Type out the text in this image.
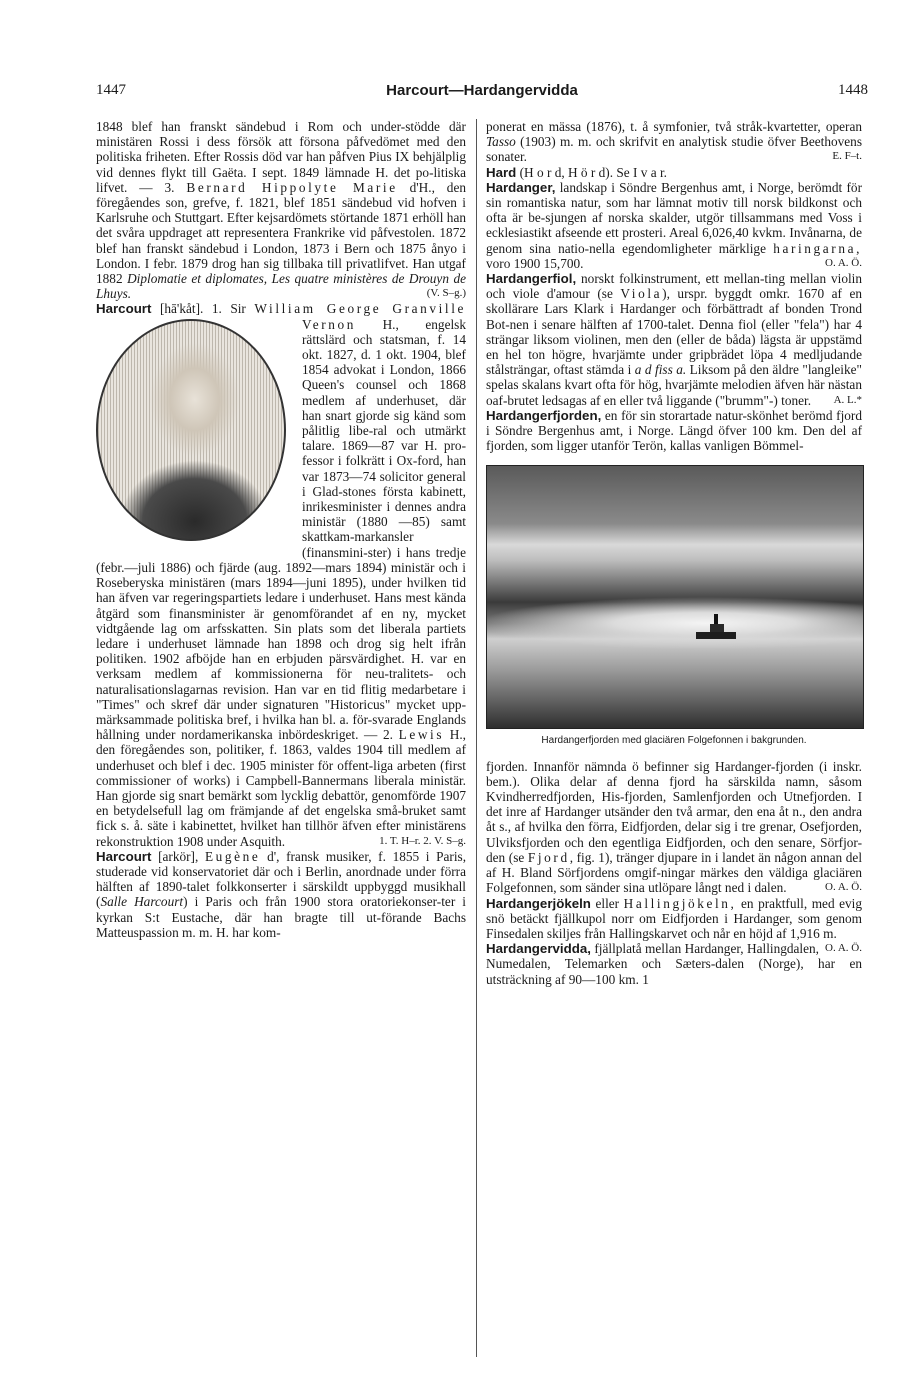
1447	Harcourt—Hardangervidda	1448

1848 blef han franskt sändebud i Rom och under-stödde där ministären Rossi i dess försök att försona påfvedömet med den politiska friheten. Efter Rossis död var han påfven Pius IX behjälplig vid dennes flykt till Gaëta. I sept. 1849 lämnade H. det po-litiska lifvet. — 3. Bernard Hippolyte Marie d'H., den föregåendes son, grefve, f. 1821, blef 1851 sändebud vid hofven i Karlsruhe och Stuttgart. Efter kejsardömets störtande 1871 erhöll han det svåra uppdraget att representera Frankrike vid påfvestolen. 1872 blef han franskt sändebud i London, 1873 i Bern och 1875 ånyo i London. I febr. 1879 drog han sig tillbaka till privatlifvet. Han utgaf 1882 Diplomatie et diplomates, Les quatre ministères de Drouyn de Lhuys.	(V. S–g.)

Harcourt [hā'kåt]. 1. Sir William George Granville Vernon H., engelsk rättslärd och statsman, f. 14 okt. 1827, d. 1 okt. 1904, blef 1854 advokat i London, 1866 Queen's counsel och 1868 medlem af underhuset, där han snart gjorde sig känd som pålitlig libe-ral och utmärkt talare. 1869—87 var H. pro-fessor i folkrätt i Ox-ford, han var 1873—74 solicitor general i Glad-stones första kabinett, inrikesminister i dennes andra ministär (1880 —85) samt skattkam-markansler (finansmini-ster) i hans tredje (febr.—juli 1886) och fjärde (aug. 1892—mars 1894) ministär och i Roseberyska ministären (mars 1894—juni 1895), under hvilken tid han äfven var regeringspartiets ledare i underhuset. Hans mest kända åtgärd som finansminister är genomförandet af en ny, mycket vidtgående lag om arfsskatten. Sin plats som det liberala partiets ledare i underhuset lämnade han 1898 och drog sig helt ifrån politiken. 1902 afböjde han en erbjuden pärsvärdighet. H. var en verksam medlem af kommissionerna för neu-tralitets- och naturalisationslagarnas revision. Han var en tid flitig medarbetare i "Times" och skref där under signaturen "Historicus" mycket upp-märksammade politiska bref, i hvilka han bl. a. för-svarade Englands hållning under nordamerikanska inbördeskriget. — 2. Lewis H., den föregåendes son, politiker, f. 1863, valdes 1904 till medlem af underhuset och blef i dec. 1905 minister för offent-liga arbeten (first commissioner of works) i Campbell-Bannermans liberala ministär. Han gjorde sig snart bemärkt som lycklig debattör, genomförde 1907 en betydelsefull lag om främjande af det engelska små-bruket samt fick s. å. säte i kabinettet, hvilket han tillhör äfven efter ministärens rekonstruktion 1908 under Asquith.	1. T. H–r. 2. V. S–g.

Harcourt [arkör], Eugène d', fransk musiker, f. 1855 i Paris, studerade vid konservatoriet där och i Berlin, anordnade under förra hälften af 1890-talet folkkonserter i särskildt uppbyggd musikhall (Salle Harcourt) i Paris och från 1900 stora oratoriekonser-ter i kyrkan S:t Eustache, där han bragte till ut-förande Bachs Matteuspassion m. m. H. har kom-

ponerat en mässa (1876), t. å symfonier, två stråk-kvartetter, operan Tasso (1903) m. m. och skrifvit en analytisk studie öfver Beethovens sonater.	E. F–t.

Hard (H o r d, H ö r d). Se I v a r.

Hardanger, landskap i Söndre Bergenhus amt, i Norge, berömdt för sin romantiska natur, som har lämnat motiv till norsk bildkonst och ofta är be-sjungen af norska skalder, utgör tillsammans med Voss i ecklesiastikt afseende ett prosteri. Areal 6,026,40 kvkm. Invånarna, de genom sina natio-nella egendomligheter märklige haringarna, voro 1900 15,700.	O. A. Ö.

Hardangerfiol, norskt folkinstrument, ett mellan-ting mellan violin och viole d'amour (se Viola), urspr. byggdt omkr. 1670 af en skollärare Lars Klark i Hardanger och förbättradt af bonden Trond Bot-nen i senare hälften af 1700-talet. Denna fiol (eller "fela") har 4 strängar liksom violinen, men den (eller de båda) lägsta är uppstämd en hel ton högre, hvarjämte under gripbrädet löpa 4 medljudande stålsträngar, oftast stämda i a d fiss a. Liksom på den äldre "langleike" spelas skalans kvart ofta för hög, hvarjämte melodien äfven här nästan oaf-brutet ledsagas af en eller två liggande ("brumm"-) toner.	A. L.*

Hardangerfjorden, en för sin storartade natur-skönhet berömd fjord i Söndre Bergenhus amt, i Norge. Längd öfver 100 km. Den del af fjorden, som ligger utanför Terön, kallas vanligen Bömmel-

Hardangerfjorden med glaciären Folgefonnen i bakgrunden.

fjorden. Innanför nämnda ö befinner sig Hardanger-fjorden (i inskr. bem.). Olika delar af denna fjord ha särskilda namn, såsom Kvindherredfjorden, His-fjorden, Samlenfjorden och Utnefjorden. I det inre af Hardanger utsänder den två armar, den ena åt n., den andra åt s., af hvilka den förra, Eidfjorden, delar sig i tre grenar, Osefjorden, Ulviksfjorden och den egentliga Eidfjorden, och den senare, Sörfjor-den (se Fjord, fig. 1), tränger djupare in i landet än någon annan del af H. Bland Sörfjordens omgif-ningar märkes den väldiga glaciären Folgefonnen, som sänder sina utlöpare långt ned i dalen.	O. A. Ö.

Hardangerjökeln eller Hallingjökeln, en praktfull, med evig snö betäckt fjällkupol norr om Eidfjorden i Hardanger, som genom Finsedalen skiljes från Hallingskarvet och når en höjd af 1,916 m.
O. A. Ö.

Hardangervidda, fjällplatå mellan Hardanger, Hallingdalen, Numedalen, Telemarken och Sæters-dalen (Norge), har en utsträckning af 90—100 km. 1
